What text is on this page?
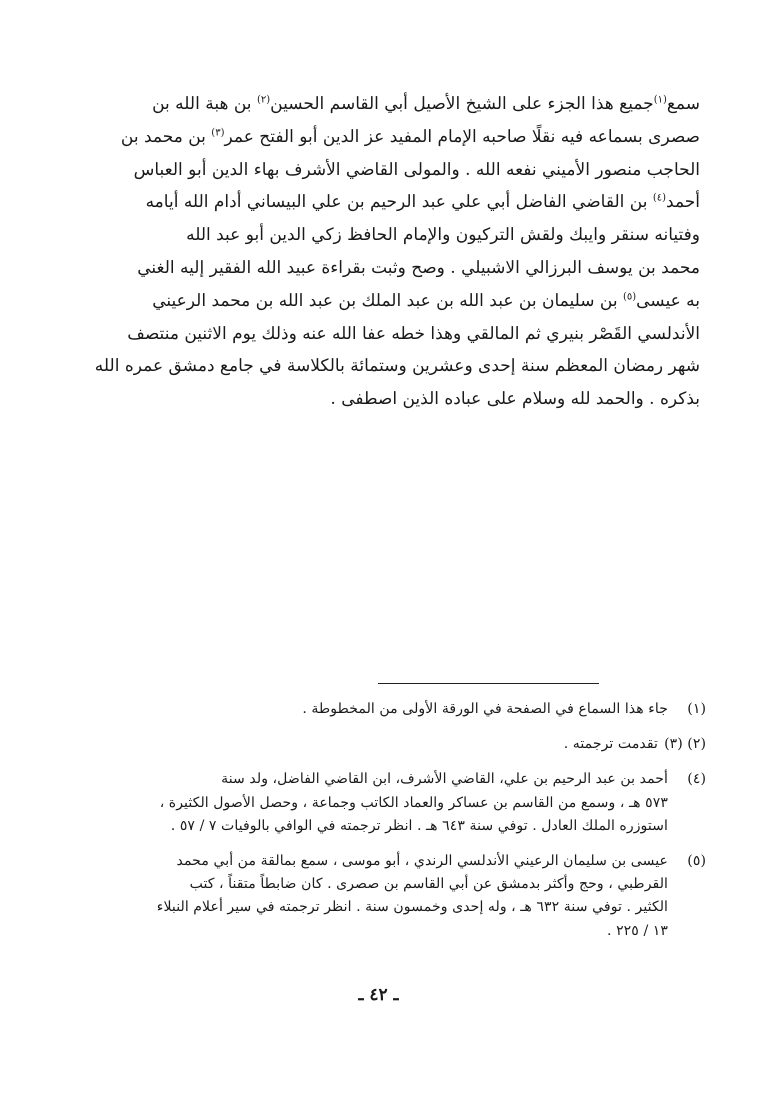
سمع$^{(١)}$جميع هذا الجزء على الشيخ الأصيل أبي القاسم الحسين$^{(٢)}$ بن هبة الله بن
صصرى بسماعه فيه نقلًا صاحبه الإمام المفيد عز الدين أبو الفتح عمر$^{(٣)}$ بن محمد بن
الحاجب منصور الأميني نفعه الله . والمولى القاضي الأشرف بهاء الدين أبو العباس
أحمد$^{(٤)}$ بن القاضي الفاضل أبي علي عبد الرحيم بن علي البيساني أدام الله أيامه
وفتيانه سنقر وايبك ولقش التركيون والإمام الحافظ زكي الدين أبو عبد الله
محمد بن يوسف البرزالي الاشبيلي . وصح وثبت بقراءة عبيد الله الفقير إليه الغني
به عيسى$^{(٥)}$ بن سليمان بن عبد الله بن عبد الملك بن عبد الله بن محمد الرعيني
الأندلسي القَصْر بنيري ثم المالقي وهذا خطه عفا الله عنه وذلك يوم الاثنين منتصف
شهر رمضان المعظم سنة إحدى وعشرين وستمائة بالكلاسة في جامع دمشق عمره الله
بذكره . والحمد لله وسلام على عباده الذين اصطفى .
(١)
جاء هذا السماع في الصفحة في الورقة الأولى من المخطوطة .
(٢) (٣)
تقدمت ترجمته .
(٤)
أحمد بن عبد الرحيم بن علي، القاضي الأشرف، ابن القاضي الفاضل، ولد سنة
٥٧٣ هـ ، وسمع من القاسم بن عساكر والعماد الكاتب وجماعة ، وحصل الأصول الكثيرة ،
استوزره الملك العادل . توفي سنة ٦٤٣ هـ . انظر ترجمته في الوافي بالوفيات ٧ / ٥٧ .
(٥)
عيسى بن سليمان الرعيني الأندلسي الرندي ، أبو موسى ، سمع بمالقة من أبي محمد
القرطبي ، وحج وأكثر بدمشق عن أبي القاسم بن صصرى . كان ضابطاً متقناً ، كتب
الكثير . توفي سنة ٦٣٢ هـ ، وله إحدى وخمسون سنة . انظر ترجمته في سير أعلام النبلاء
١٣ / ٢٢٥ .
ـ ٤٢ ـ
